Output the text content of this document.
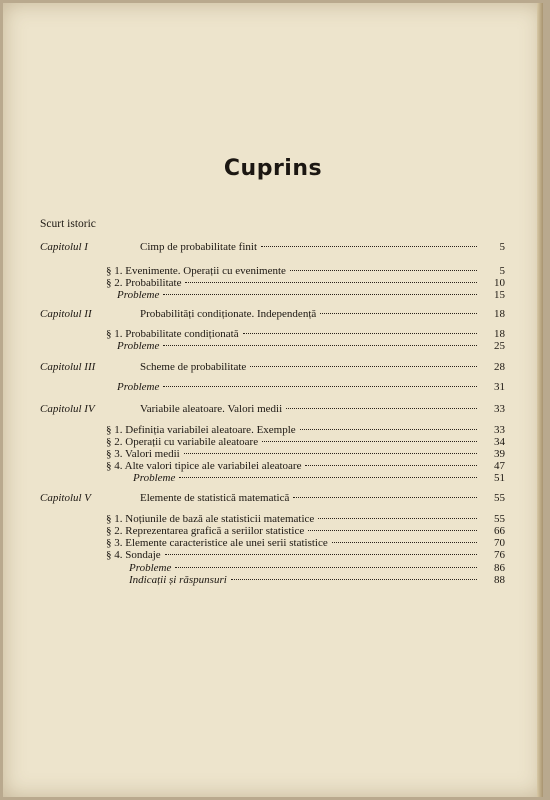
Cuprins
Scurt istoric
Capitolul I	Cimp de probabilitate finit	5
§ 1. Evenimente. Operații cu evenimente	5
§ 2. Probabilitate	10
Probleme	15
Capitolul II	Probabilități condiționate. Independență	18
§ 1. Probabilitate condiționată	18
Probleme	25
Capitolul III	Scheme de probabilitate	28
Probleme	31
Capitolul IV	Variabile aleatoare. Valori medii	33
§ 1. Definiția variabilei aleatoare. Exemple	33
§ 2. Operații cu variabile aleatoare	34
§ 3. Valori medii	39
§ 4. Alte valori tipice ale variabilei aleatoare	47
Probleme	51
Capitolul V	Elemente de statistică matematică	55
§ 1. Noțiunile de bază ale statisticii matematice	55
§ 2. Reprezentarea grafică a seriilor statistice	66
§ 3. Elemente caracteristice ale unei serii statistice	70
§ 4. Sondaje	76
Probleme	86
Indicații și răspunsuri	88
